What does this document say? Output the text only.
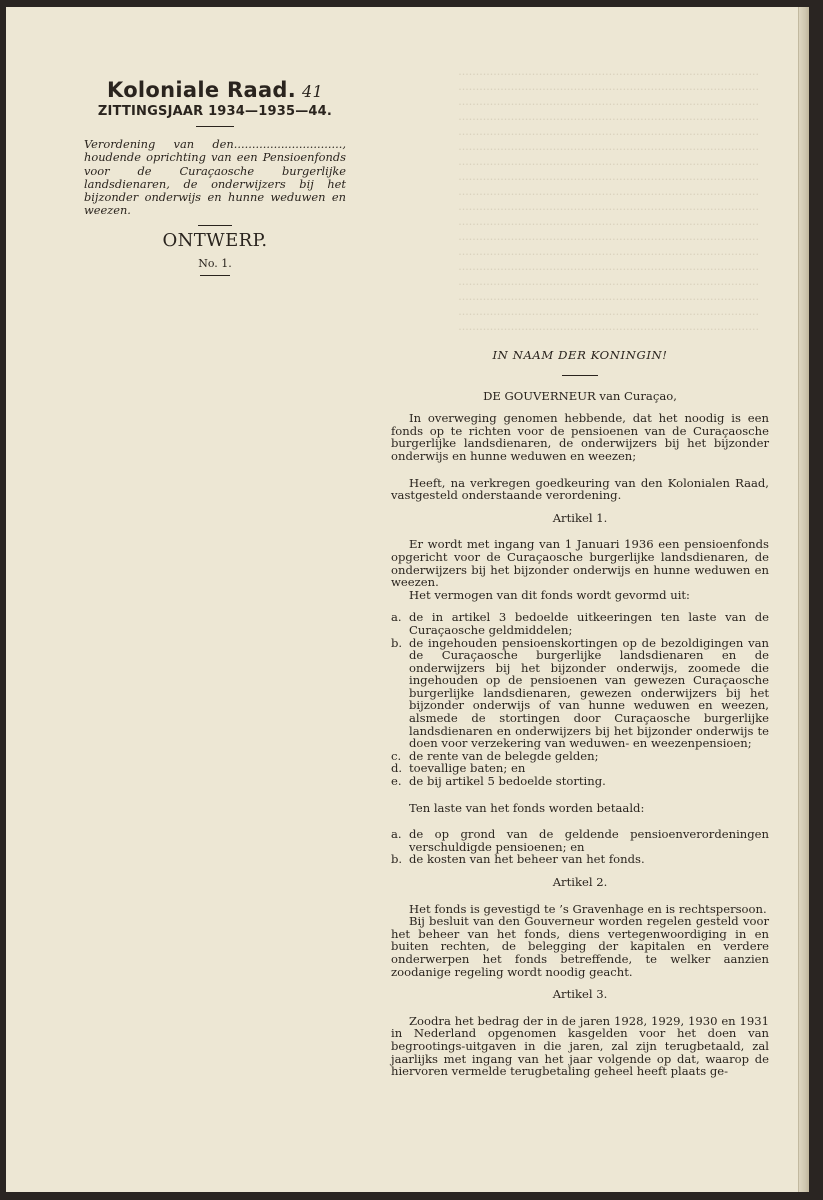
......................................................................................

......................................................................................

......................................................................................

......................................................................................

......................................................................................

......................................................................................

......................................................................................

......................................................................................

......................................................................................

......................................................................................

......................................................................................

......................................................................................

......................................................................................

......................................................................................

......................................................................................

......................................................................................

......................................................................................

......................................................................................

Koloniale Raad. 41

ZITTINGSJAAR 1934—1935—44.

Verordening van den.............................., houdende oprichting van een Pensioenfonds voor de Curaçaosche burgerlijke landsdienaren, de onderwijzers bij het bijzonder onderwijs en hunne weduwen en weezen.

ONTWERP.

No. 1.

IN NAAM DER KONINGIN!

DE GOUVERNEUR van Curaçao,

In overweging genomen hebbende, dat het noodig is een fonds op te richten voor de pensioenen van de Curaçaosche burgerlijke landsdienaren, de onderwijzers bij het bijzonder onderwijs en hunne weduwen en weezen;

Heeft, na verkregen goedkeuring van den Kolonialen Raad, vastgesteld onderstaande verordening.

Artikel 1.

Er wordt met ingang van 1 Januari 1936 een pensioenfonds opgericht voor de Curaçaosche burgerlijke landsdienaren, de onderwijzers bij het bijzonder onderwijs en hunne weduwen en weezen.

Het vermogen van dit fonds wordt gevormd uit:

a. de in artikel 3 bedoelde uitkeeringen ten laste van de Curaçaosche geldmiddelen;
b. de ingehouden pensioenskortingen op de bezoldigingen van de Curaçaosche burgerlijke landsdienaren en de onderwijzers bij het bijzonder onderwijs, zoomede die ingehouden op de pensioenen van gewezen Curaçaosche burgerlijke landsdienaren, gewezen onderwijzers bij het bijzonder onderwijs of van hunne weduwen en weezen, alsmede de stortingen door Curaçaosche burgerlijke landsdienaren en onderwijzers bij het bijzonder onderwijs te doen voor verzekering van weduwen- en weezenpensioen;
c. de rente van de belegde gelden;
d. toevallige baten; en
e. de bij artikel 5 bedoelde storting.

Ten laste van het fonds worden betaald:

a. de op grond van de geldende pensioenverordeningen verschuldigde pensioenen; en
b. de kosten van het beheer van het fonds.

Artikel 2.

Het fonds is gevestigd te ’s Gravenhage en is rechtspersoon.

Bij besluit van den Gouverneur worden regelen gesteld voor het beheer van het fonds, diens vertegenwoordiging in en buiten rechten, de belegging der kapitalen en verdere onderwerpen het fonds betreffende, te welker aanzien zoodanige regeling wordt noodig geacht.

Artikel 3.

Zoodra het bedrag der in de jaren 1928, 1929, 1930 en 1931 in Nederland opgenomen kasgelden voor het doen van begrootings-uitgaven in die jaren, zal zijn terugbetaald, zal jaarlijks met ingang van het jaar volgende op dat, waarop de hiervoren vermelde terugbetaling geheel heeft plaats ge-
